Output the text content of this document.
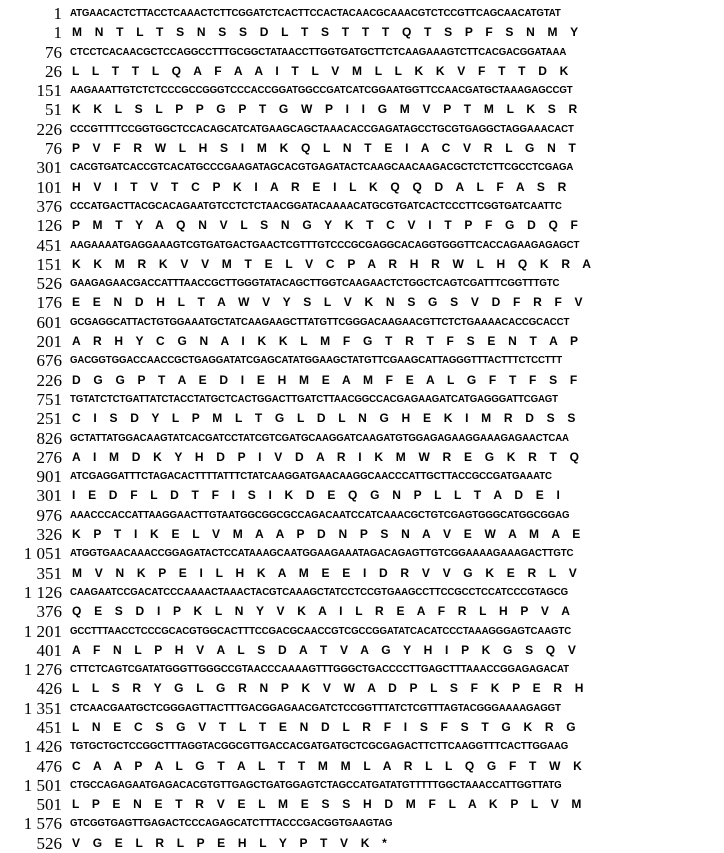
1 ATGAACACTCTTACCTCAAACTCTTCGGATCTCACTTCCACTACAACGCAAACGTCTCCGTTCAGCAACATGTAT
1 M N T L T S N S S D L T S T T T Q T S P F S N M Y
76 CTCCTCACAACGCTCCAGGCCTTTGCGGCTATAACCTTGGTGATGCTTCTCAAGAAAGTCTTCACGACGGATAAA
26 L L T T L Q A F A A I T L V M L L K K V F T T D K
151 AAGAAATTGTCTCTCCCGCCGGGTCCCACCGGATGGCCGATCATCGGAATGGTTCCAACGATGCTAAAGAGCCGT
51 K K L S L P P G P T G W P I I G M V P T M L K S R
226 CCCGTTTTCCGGTGGCTCCACAGCATCATGAAGCAGCTAAACACCGAGATAGCCTGCGTGAGGCTAGGAAACACT
76 P V F R W L H S I M K Q L N T E I A C V R L G N T
301 CACGTGATCACCGTCACATGCCCGAAGATAGCACGTGAGATACTCAAGCAACAAGACGCTCTCTTCGCCTCGAGA
101 H V I T V T C P K I A R E I L K Q Q D A L F A S R
376 CCCATGACTTACGCACAGAATGTCCTCTCTAACGGATACAAAACATGCGTGATCACTCCCTTCGGTGATCAATTC
126 P M T Y A Q N V L S N G Y K T C V I T P F G D Q F
451 AAGAAAATGAGGAAAGTCGTGATGACTGAACTCGTTTGTCCCGCGAGGCACAGGTGGGTTCACCAGAAGAGAGCT
151 K K M R K V V M T E L V C P A R H R W L H Q K R A
526 GAAGAGAACGACCATTTAACCGCTTGGGTATACAGCTTGGTCAAGAACTCTGGCTCAGTCGATTTCGGTTTGTC
176 E E N D H L T A W V Y S L V K N S G S V D F R F V
601 GCGAGGCATTACTGTGGAAATGCTATCAAGAAGCTTATGTTCGGGACAAGAACGTTCTCTGAAAACACCGCACCT
201 A R H Y C G N A I K K L M F G T R T F S E N T A P
676 GACGGTGGACCAACCGCTGAGGATATCGAGCATATGGAAGCTATGTTCGAAGCATTAGGGTTTACTTTCTCCTTT
226 D G G P T A E D I E H M E A M F E A L G F T F S F
751 TGTATCTCTGATTATCTACCTATGCTCACTGGACTTGATCTTAACGGCCACGAGAAGATCATGAGGGATTCGAGT
251 C I S D Y L P M L T G L D L N G H E K I M R D S S
826 GCTATTATGGACAAGTATCACGATCCTATCGTCGATGCAAGGATCAAGATGTGGAGAGAAGGAAAGAGAACTCAA
276 A I M D K Y H D P I V D A R I K M W R E G K R T Q
901 ATCGAGGATTTCTAGACACTTTTATTTCTATCAAGGATGAACAAGGCAACCCATTGCTTACCGCCGATGAAATC
301 I E D F L D T F I S I K D E Q G N P L L T A D E I
976 AAACCCACCATTAAGGAACTTGTAATGGCGGCGCCAGACAATCCATCAAACGCTGTCGAGTGGGCATGGCGGAG
326 K P T I K E L V M A A P D N P S N A V E W A M A E
1 051 ATGGTGAACAAACCGGAGATACTCCATAAAGCAATGGAAGAAATAGACAGAGTTGTCGGAAAAGAAAGACTTGTC
351 M V N K P E I L H K A M E E I D R V V G K E R L V
1 126 CAAGAATCCGACATCCCAAAACTAAACTACGTCAAAGCTATCCTCCGTGAAGCCTTCCGCCTCCATCCCGTAGCG
376 Q E S D I P K L N Y V K A I L R E A F R L H P V A
1 201 GCCTTTAACCTCCCGCACGTGGCACTTTCCGACGCAACCGTCGCCGGATATCACATCCCTAAAGGGAGTCAAGTC
401 A F N L P H V A L S D A T V A G Y H I P K G S Q V
1 276 CTTCTCAGTCGATATGGGTTGGGCCGTAACCCAAAAGTTTGGGCTGACCCCTTGAGCTTTAAACCGGAGAGACAT
426 L L S R Y G L G R N P K V W A D P L S F K P E R H
1 351 CTCAACGAATGCTCGGGAGTTACTTTGACGGAGAACGATCTCCGGTTTATCTCGTTTAGTACGGGAAAAGAGGT
451 L N E C S G V T L T E N D L R F I S F S T G K R G
1 426 TGTGCTGCTCCGGCTTTAGGTACGGCGTTGACCACGATGATGCTCGCGAGACTTCTTCAAGGTTTCACTTGGAAG
476 C A A P A L G T A L T T M M L A R L L Q G F T W K
1 501 CTGCCAGAGAATGAGACACGTGTTGAGCTGATGGAGTCTAGCCATGATATGTTTTTGGCTAAACCATTGGTTATG
501 L P E N E T R V E L M E S S H D M F L A K P L V M
1 576 GTCGGTGAGTTGAGACTCCCAGAGCATCTTTACCCGACGGTGAAGTAG
526 V G E L R L P E H L Y P T V K *
